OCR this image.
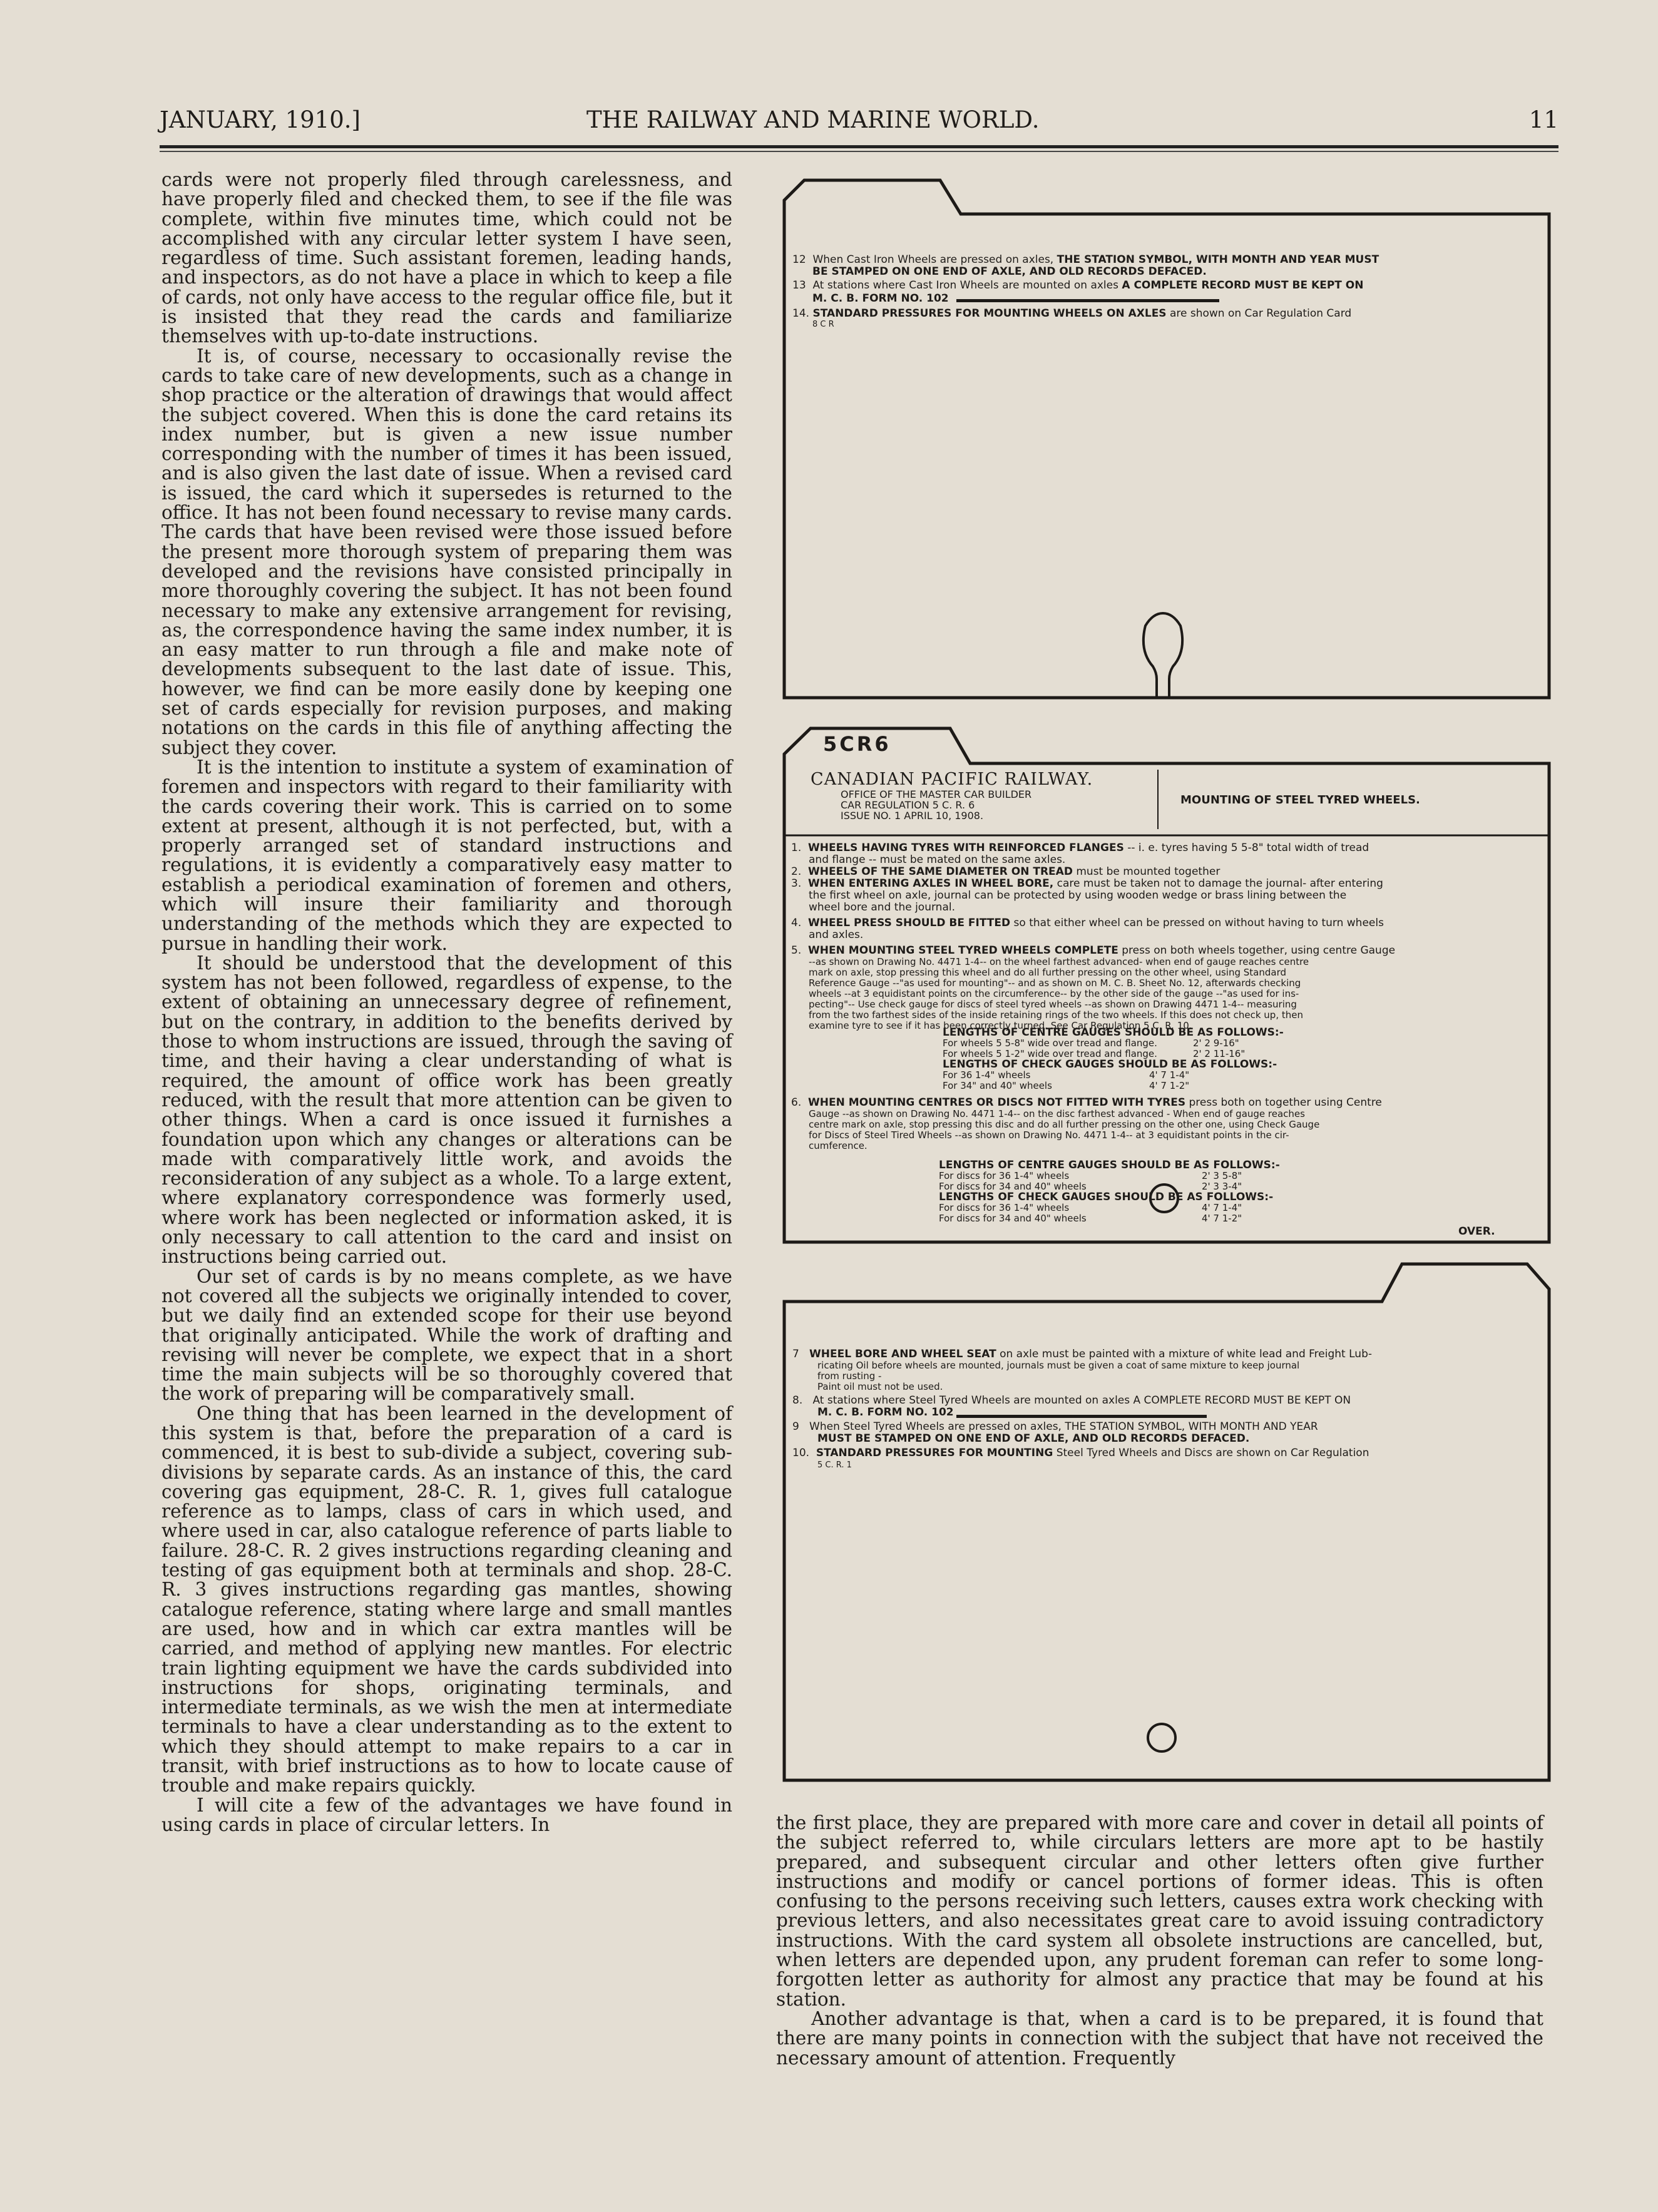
JANUARY, 1910.]	THE RAILWAY AND MARINE WORLD.	11

cards were not properly filed through carelessness, and have properly filed and checked them, to see if the file was complete, within five minutes time, which could not be accomplished with any circular letter system I have seen, regardless of time. Such assistant foremen, leading hands, and inspectors, as do not have a place in which to keep a file of cards, not only have access to the regular office file, but it is insisted that they read the cards and familiarize themselves with up-to-date instructions.

It is, of course, necessary to occasionally revise the cards to take care of new developments, such as a change in shop practice or the alteration of drawings that would affect the subject covered. When this is done the card retains its index number, but is given a new issue number corresponding with the number of times it has been issued, and is also given the last date of issue. When a revised card is issued, the card which it supersedes is returned to the office. It has not been found necessary to revise many cards. The cards that have been revised were those issued before the present more thorough system of preparing them was developed and the revisions have consisted principally in more thoroughly covering the subject. It has not been found necessary to make any extensive arrangement for revising, as, the correspondence having the same index number, it is an easy matter to run through a file and make note of developments subsequent to the last date of issue. This, however, we find can be more easily done by keeping one set of cards especially for revision purposes, and making notations on the cards in this file of anything affecting the subject they cover.

It is the intention to institute a system of examination of foremen and inspectors with regard to their familiarity with the cards covering their work. This is carried on to some extent at present, although it is not perfected, but, with a properly arranged set of standard instructions and regulations, it is evidently a comparatively easy matter to establish a periodical examination of foremen and others, which will insure their familiarity and thorough understanding of the methods which they are expected to pursue in handling their work.

It should be understood that the development of this system has not been followed, regardless of expense, to the extent of obtaining an unnecessary degree of refinement, but on the contrary, in addition to the benefits derived by those to whom instructions are issued, through the saving of time, and their having a clear understanding of what is required, the amount of office work has been greatly reduced, with the result that more attention can be given to other things. When a card is once issued it furnishes a foundation upon which any changes or alterations can be made with comparatively little work, and avoids the reconsideration of any subject as a whole. To a large extent, where explanatory correspondence was formerly used, where work has been neglected or information asked, it is only necessary to call attention to the card and insist on instructions being carried out.

Our set of cards is by no means complete, as we have not covered all the subjects we originally intended to cover, but we daily find an extended scope for their use beyond that originally anticipated. While the work of drafting and revising will never be complete, we expect that in a short time the main subjects will be so thoroughly covered that the work of preparing will be comparatively small.

One thing that has been learned in the development of this system is that, before the preparation of a card is commenced, it is best to sub-divide a subject, covering sub-divisions by separate cards. As an instance of this, the card covering gas equipment, 28-C. R. 1, gives full catalogue reference as to lamps, class of cars in which used, and where used in car, also catalogue reference of parts liable to failure. 28-C. R. 2 gives instructions regarding cleaning and testing of gas equipment both at terminals and shop. 28-C. R. 3 gives instructions regarding gas mantles, showing catalogue reference, stating where large and small mantles are used, how and in which car extra mantles will be carried, and method of applying new mantles. For electric train lighting equipment we have the cards subdivided into instructions for shops, originating terminals, and intermediate terminals, as we wish the men at intermediate terminals to have a clear understanding as to the extent to which they should attempt to make repairs to a car in transit, with brief instructions as to how to locate cause of trouble and make repairs quickly.

I will cite a few of the advantages we have found in using cards in place of circular letters. In

12 When Cast Iron Wheels are pressed on axles, THE STATION SYMBOL, WITH MONTH AND YEAR MUST
BE STAMPED ON ONE END OF AXLE, AND OLD RECORDS DEFACED.
13 At stations where Cast Iron Wheels are mounted on axles A COMPLETE RECORD MUST BE KEPT ON
M. C. B. FORM NO. 102
14. STANDARD PRESSURES FOR MOUNTING WHEELS ON AXLES are shown on Car Regulation Card
8 C R
5CR6
CANADIAN PACIFIC RAILWAY.
OFFICE OF THE MASTER CAR BUILDER
CAR REGULATION 5 C. R. 6
ISSUE NO. 1 APRIL 10, 1908.
MOUNTING OF STEEL TYRED WHEELS.
1. WHEELS HAVING TYRES WITH REINFORCED FLANGES -- i. e. tyres having 5 5-8" total width of tread
and flange -- must be mated on the same axles.
2. WHEELS OF THE SAME DIAMETER ON TREAD must be mounted together
3. WHEN ENTERING AXLES IN WHEEL BORE, care must be taken not to damage the journal- after entering
the first wheel on axle, journal can be protected by using wooden wedge or brass lining between the
wheel bore and the journal.
4. WHEEL PRESS SHOULD BE FITTED so that either wheel can be pressed on without having to turn wheels
and axles.
5. WHEN MOUNTING STEEL TYRED WHEELS COMPLETE press on both wheels together, using centre Gauge
--as shown on Drawing No. 4471 1-4-- on the wheel farthest advanced- when end of gauge reaches centre
mark on axle, stop pressing this wheel and do all further pressing on the other wheel, using Standard
Reference Gauge --"as used for mounting"-- and as shown on M. C. B. Sheet No. 12, afterwards checking
wheels --at 3 equidistant points on the circumference-- by the other side of the gauge --"as used for ins-
pecting"-- Use check gauge for discs of steel tyred wheels --as shown on Drawing 4471 1-4-- measuring
from the two farthest sides of the inside retaining rings of the two wheels. If this does not check up, then
examine tyre to see if it has been correctly turned. See Car Regulation 5 C. R. 10.
LENGTHS OF CENTRE GAUGES SHOULD BE AS FOLLOWS:-
For wheels 5 5-8" wide over tread and flange.	2' 2 9-16"
For wheels 5 1-2" wide over tread and flange.	2' 2 11-16"
LENGTHS OF CHECK GAUGES SHOULD BE AS FOLLOWS:-
For 36 1-4" wheels	4' 7 1-4"
For 34" and 40" wheels	4' 7 1-2"
6. WHEN MOUNTING CENTRES OR DISCS NOT FITTED WITH TYRES press both on together using Centre
Gauge --as shown on Drawing No. 4471 1-4-- on the disc farthest advanced - When end of gauge reaches
centre mark on axle, stop pressing this disc and do all further pressing on the other one, using Check Gauge
for Discs of Steel Tired Wheels --as shown on Drawing No. 4471 1-4-- at 3 equidistant points in the cir-
cumference.
LENGTHS OF CENTRE GAUGES SHOULD BE AS FOLLOWS:-
For discs for 36 1-4" wheels	2' 3 5-8"
For discs for 34 and 40" wheels	2' 3 3-4"
LENGTHS OF CHECK GAUGES SHOULD BE AS FOLLOWS:-
For discs for 36 1-4" wheels	4' 7 1-4"
For discs for 34 and 40" wheels	4' 7 1-2"
OVER.
7 WHEEL BORE AND WHEEL SEAT on axle must be painted with a mixture of white lead and Freight Lub-
ricating Oil before wheels are mounted, journals must be given a coat of same mixture to keep journal
from rusting -
Paint oil must not be used.
8. At stations where Steel Tyred Wheels are mounted on axles A COMPLETE RECORD MUST BE KEPT ON
M. C. B. FORM NO. 102
9 When Steel Tyred Wheels are pressed on axles, THE STATION SYMBOL, WITH MONTH AND YEAR
MUST BE STAMPED ON ONE END OF AXLE, AND OLD RECORDS DEFACED.
10. STANDARD PRESSURES FOR MOUNTING Steel Tyred Wheels and Discs are shown on Car Regulation
5 C. R. 1

the first place, they are prepared with more care and cover in detail all points of the subject referred to, while circulars letters are more apt to be hastily prepared, and subsequent circular and other letters often give further instructions and modify or cancel portions of former ideas. This is often confusing to the persons receiving such letters, causes extra work checking with previous letters, and also necessitates great care to avoid issuing contradictory instructions. With the card system all obsolete instructions are cancelled, but, when letters are depended upon, any prudent foreman can refer to some long-forgotten letter as authority for almost any practice that may be found at his station.

Another advantage is that, when a card is to be prepared, it is found that there are many points in connection with the subject that have not received the necessary amount of attention. Frequently
